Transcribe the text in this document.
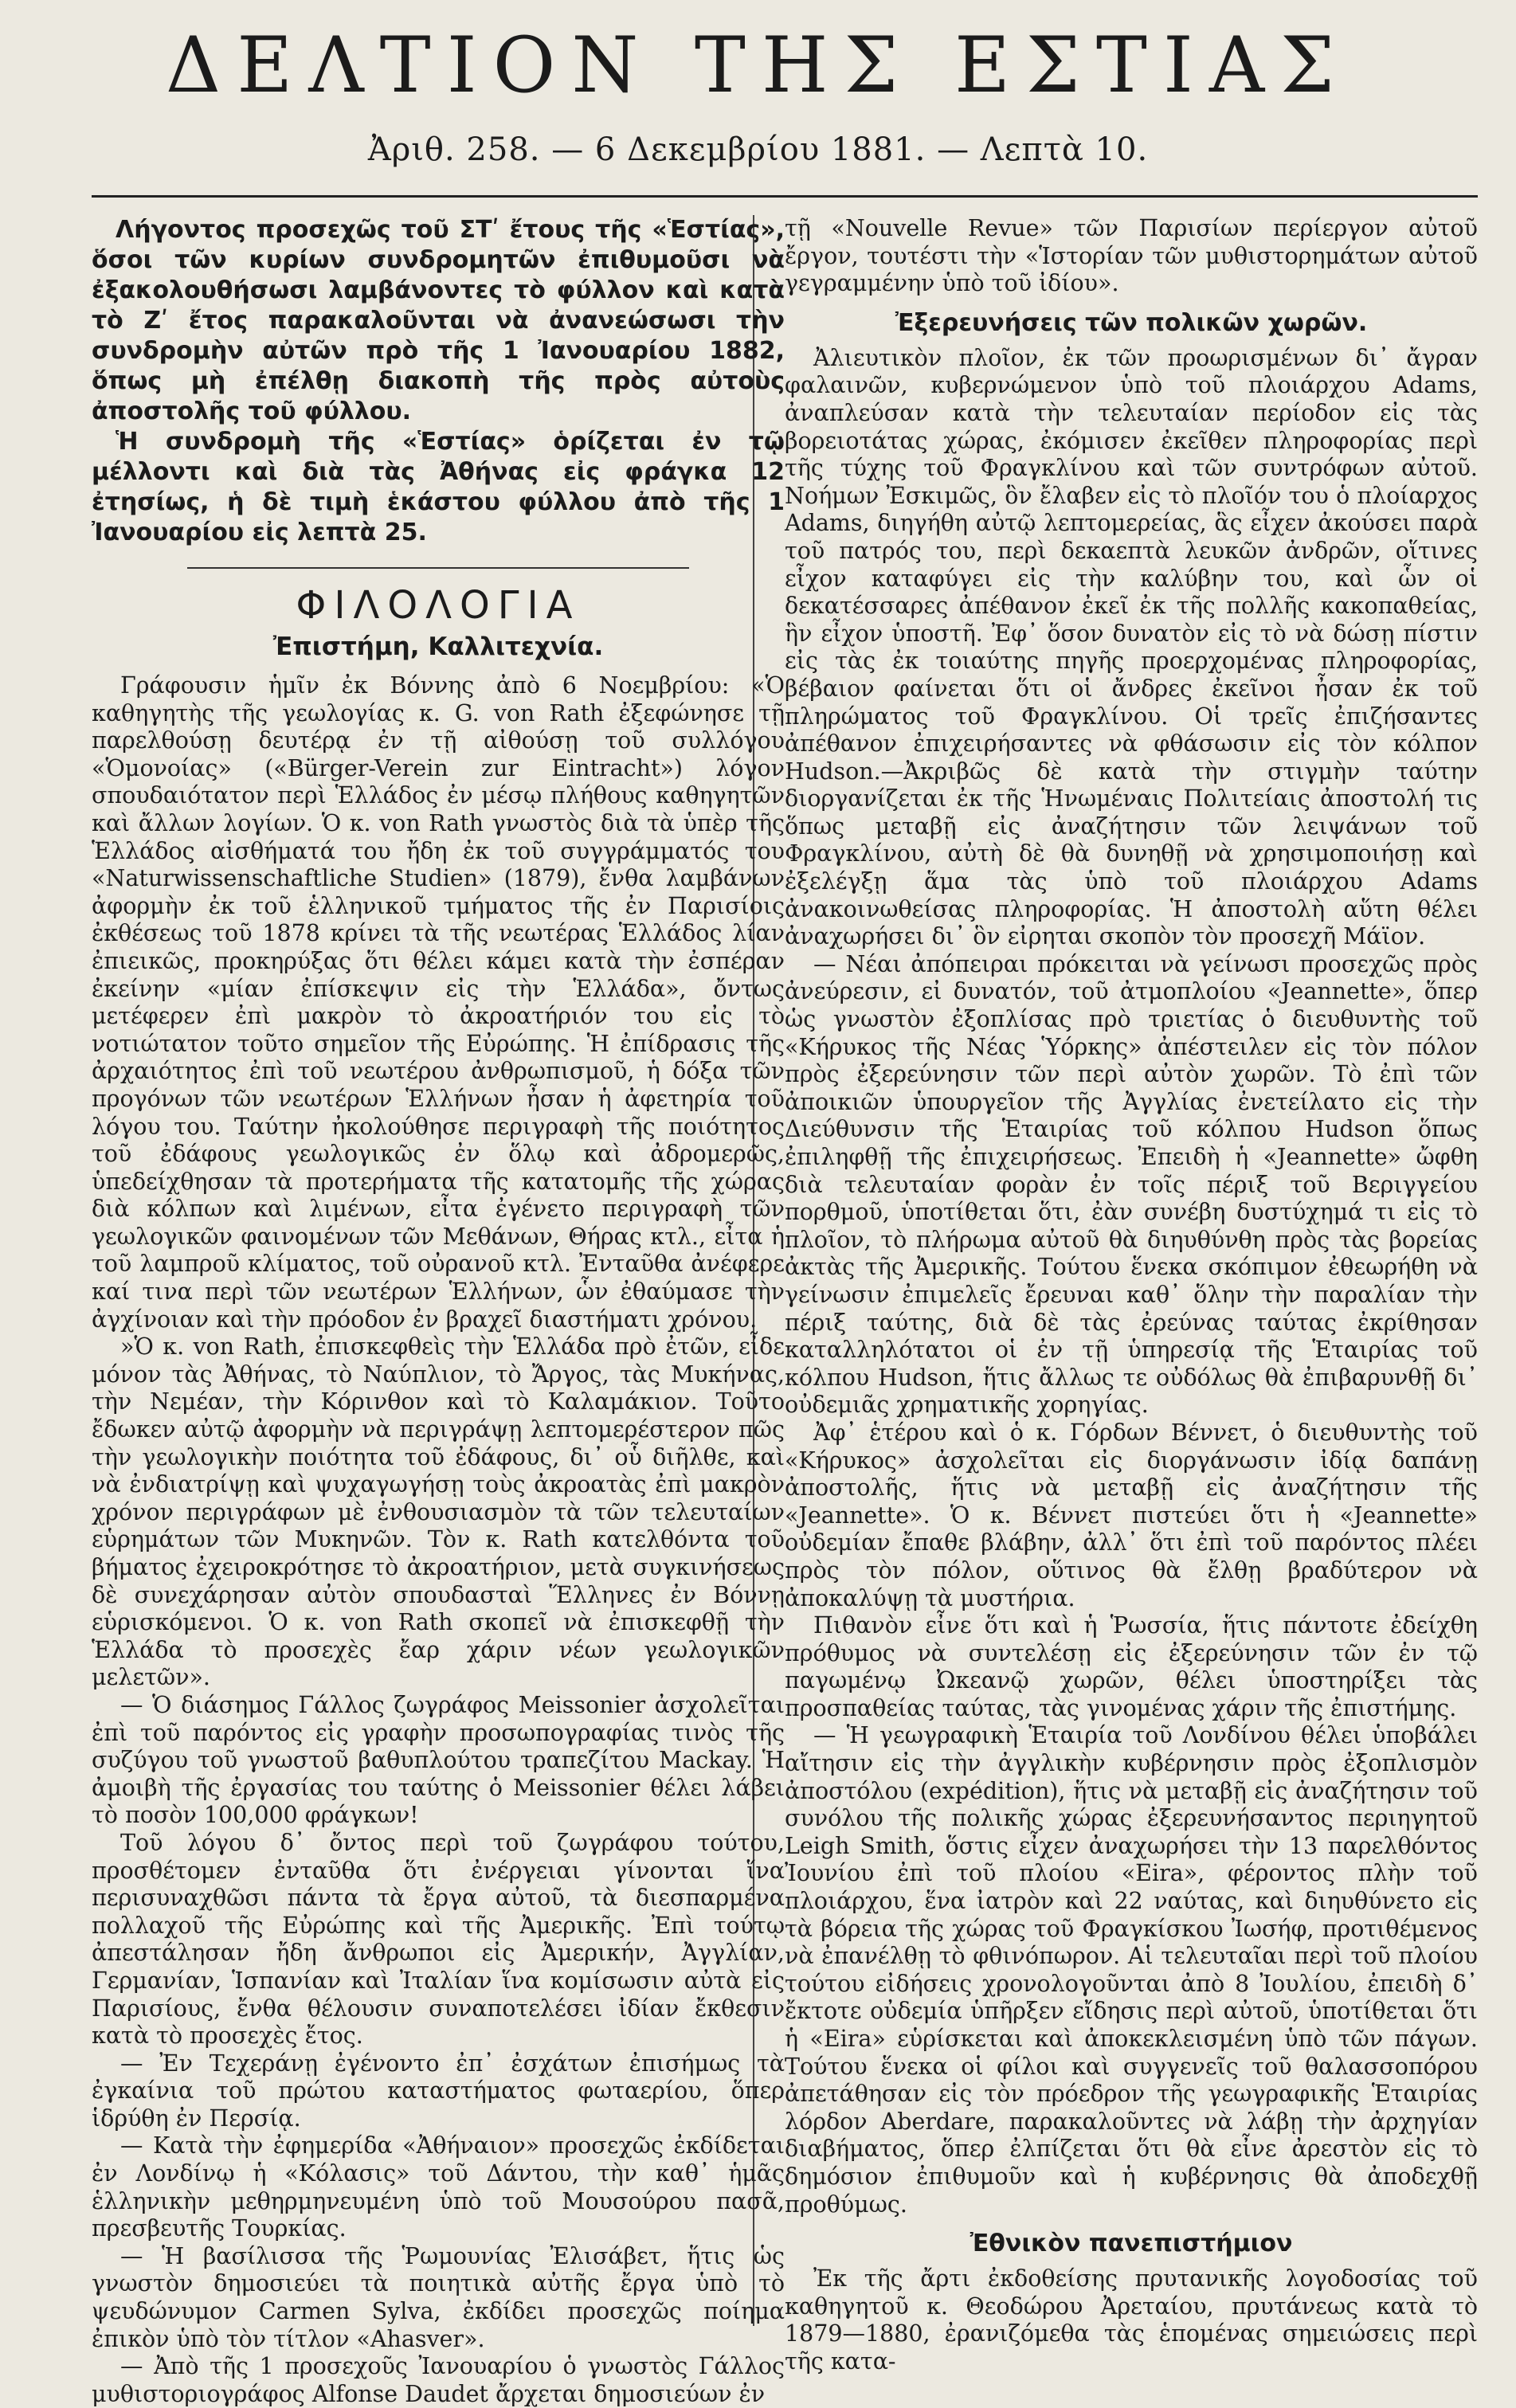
ΔΕΛΤΙΟΝ ΤΗΣ ΕΣΤΙΑΣ
Ἀριθ. 258. — 6 Δεκεμβρίου 1881. — Λεπτὰ 10.

Λήγοντος προσεχῶς τοῦ ΣΤʹ ἔτους τῆς «Ἑστίας», ὅσοι τῶν κυρίων συνδρομητῶν ἐπιθυμοῦσι νὰ ἐξακολουθήσωσι λαμβάνοντες τὸ φύλλον καὶ κατὰ τὸ Ζʹ ἔτος παρακαλοῦνται νὰ ἀνανεώσωσι τὴν συνδρομὴν αὐτῶν πρὸ τῆς 1 Ἰανουαρίου 1882, ὅπως μὴ ἐπέλθῃ διακοπὴ τῆς πρὸς αὐτοὺς ἀποστολῆς τοῦ φύλλου.

Ἡ συνδρομὴ τῆς «Ἑστίας» ὁρίζεται ἐν τῷ μέλλοντι καὶ διὰ τὰς Ἀθήνας εἰς φράγκα 12 ἐτησίως, ἡ δὲ τιμὴ ἑκάστου φύλλου ἀπὸ τῆς 1 Ἰανουαρίου εἰς λεπτὰ 25.

ΦΙΛΟΛΟΓΙΑ
Ἐπιστήμη, Καλλιτεχνία.

Γράφουσιν ἡμῖν ἐκ Βόννης ἀπὸ 6 Νοεμβρίου: «Ὁ καθηγητὴς τῆς γεωλογίας κ. G. von Rath ἐξεφώνησε τῇ παρελθούσῃ δευτέρᾳ ἐν τῇ αἰθούσῃ τοῦ συλλόγου «Ὁμονοίας» («Bürger-Verein zur Eintracht») λόγον σπουδαιότατον περὶ Ἑλλάδος ἐν μέσῳ πλήθους καθηγητῶν καὶ ἄλλων λογίων. Ὁ κ. von Rath γνωστὸς διὰ τὰ ὑπὲρ τῆς Ἑλλάδος αἰσθήματά του ἤδη ἐκ τοῦ συγγράμματός του «Naturwissenschaftliche Studien» (1879), ἔνθα λαμβάνων ἀφορμὴν ἐκ τοῦ ἑλληνικοῦ τμήματος τῆς ἐν Παρισίοις ἐκθέσεως τοῦ 1878 κρίνει τὰ τῆς νεωτέρας Ἑλλάδος λίαν ἐπιεικῶς, προκηρύξας ὅτι θέλει κάμει κατὰ τὴν ἐσπέραν ἐκείνην «μίαν ἐπίσκεψιν εἰς τὴν Ἑλλάδα», ὄντως μετέφερεν ἐπὶ μακρὸν τὸ ἀκροατήριόν του εἰς τὸ νοτιώτατον τοῦτο σημεῖον τῆς Εὐρώπης. Ἡ ἐπίδρασις τῆς ἀρχαιότητος ἐπὶ τοῦ νεωτέρου ἀνθρωπισμοῦ, ἡ δόξα τῶν προγόνων τῶν νεωτέρων Ἑλλήνων ἦσαν ἡ ἀφετηρία τοῦ λόγου του. Ταύτην ἠκολούθησε περιγραφὴ τῆς ποιότητος τοῦ ἐδάφους γεωλογικῶς ἐν ὅλῳ καὶ ἀδρομερῶς, ὑπεδείχθησαν τὰ προτερήματα τῆς κατατομῆς τῆς χώρας διὰ κόλπων καὶ λιμένων, εἶτα ἐγένετο περιγραφὴ τῶν γεωλογικῶν φαινομένων τῶν Μεθάνων, Θήρας κτλ., εἶτα ἡ τοῦ λαμπροῦ κλίματος, τοῦ οὐρανοῦ κτλ. Ἐνταῦθα ἀνέφερε καί τινα περὶ τῶν νεωτέρων Ἑλλήνων, ὧν ἐθαύμασε τὴν ἀγχίνοιαν καὶ τὴν πρόοδον ἐν βραχεῖ διαστήματι χρόνου.

»Ὁ κ. von Rath, ἐπισκεφθεὶς τὴν Ἑλλάδα πρὸ ἐτῶν, εἶδε μόνον τὰς Ἀθήνας, τὸ Ναύπλιον, τὸ Ἄργος, τὰς Μυκήνας, τὴν Νεμέαν, τὴν Κόρινθον καὶ τὸ Καλαμάκιον. Τοῦτο ἔδωκεν αὐτῷ ἀφορμὴν νὰ περιγράψῃ λεπτομερέστερον πῶς τὴν γεωλογικὴν ποιότητα τοῦ ἐδάφους, δι᾽ οὗ διῆλθε, καὶ νὰ ἐνδιατρίψῃ καὶ ψυχαγωγήσῃ τοὺς ἀκροατὰς ἐπὶ μακρὸν χρόνον περιγράφων μὲ ἐνθουσιασμὸν τὰ τῶν τελευταίων εὑρημάτων τῶν Μυκηνῶν. Τὸν κ. Rath κατελθόντα τοῦ βήματος ἐχειροκρότησε τὸ ἀκροατήριον, μετὰ συγκινήσεως δὲ συνεχάρησαν αὐτὸν σπουδασταὶ Ἕλληνες ἐν Βόννῃ εὑρισκόμενοι. Ὁ κ. von Rath σκοπεῖ νὰ ἐπισκεφθῇ τὴν Ἑλλάδα τὸ προσεχὲς ἔαρ χάριν νέων γεωλογικῶν μελετῶν».

— Ὁ διάσημος Γάλλος ζωγράφος Meissonier ἀσχολεῖται ἐπὶ τοῦ παρόντος εἰς γραφὴν προσωπογραφίας τινὸς τῆς συζύγου τοῦ γνωστοῦ βαθυπλούτου τραπεζίτου Mackay. Ἡ ἀμοιβὴ τῆς ἐργασίας του ταύτης ὁ Meissonier θέλει λάβει τὸ ποσὸν 100,000 φράγκων!

Τοῦ λόγου δ᾽ ὄντος περὶ τοῦ ζωγράφου τούτου, προσθέτομεν ἐνταῦθα ὅτι ἐνέργειαι γίνονται ἵνα περισυναχθῶσι πάντα τὰ ἔργα αὐτοῦ, τὰ διεσπαρμένα πολλαχοῦ τῆς Εὐρώπης καὶ τῆς Ἀμερικῆς. Ἐπὶ τούτῳ ἀπεστάλησαν ἤδη ἄνθρωποι εἰς Ἀμερικήν, Ἀγγλίαν, Γερμανίαν, Ἱσπανίαν καὶ Ἰταλίαν ἵνα κομίσωσιν αὐτὰ εἰς Παρισίους, ἔνθα θέλουσιν συναποτελέσει ἰδίαν ἔκθεσιν κατὰ τὸ προσεχὲς ἔτος.

— Ἐν Τεχεράνῃ ἐγένοντο ἐπ᾽ ἐσχάτων ἐπισήμως τὰ ἐγκαίνια τοῦ πρώτου καταστήματος φωταερίου, ὅπερ ἱδρύθη ἐν Περσίᾳ.

— Κατὰ τὴν ἐφημερίδα «Ἀθήναιον» προσεχῶς ἐκδίδεται ἐν Λονδίνῳ ἡ «Κόλασις» τοῦ Δάντου, τὴν καθ᾽ ἡμᾶς ἑλληνικὴν μεθηρμηνευμένη ὑπὸ τοῦ Μουσούρου πασᾶ, πρεσβευτῆς Τουρκίας.

— Ἡ βασίλισσα τῆς Ῥωμουνίας Ἐλισάβετ, ἥτις ὡς γνωστὸν δημοσιεύει τὰ ποιητικὰ αὐτῆς ἔργα ὑπὸ τὸ ψευδώνυμον Carmen Sylva, ἐκδίδει προσεχῶς ποίημα ἐπικὸν ὑπὸ τὸν τίτλον «Ahasver».

— Ἀπὸ τῆς 1 προσεχοῦς Ἰανουαρίου ὁ γνωστὸς Γάλλος μυθιστοριογράφος Alfonse Daudet ἄρχεται δημοσιεύων ἐν

τῇ «Nouvelle Revue» τῶν Παρισίων περίεργον αὐτοῦ ἔργον, τουτέστι τὴν «Ἱστορίαν τῶν μυθιστορημάτων αὐτοῦ γεγραμμένην ὑπὸ τοῦ ἰδίου».

Ἐξερευνήσεις τῶν πολικῶν χωρῶν.

Ἀλιευτικὸν πλοῖον, ἐκ τῶν προωρισμένων δι᾽ ἄγραν φαλαινῶν, κυβερνώμενον ὑπὸ τοῦ πλοιάρχου Adams, ἀναπλεύσαν κατὰ τὴν τελευταίαν περίοδον εἰς τὰς βορειοτάτας χώρας, ἐκόμισεν ἐκεῖθεν πληροφορίας περὶ τῆς τύχης τοῦ Φραγκλίνου καὶ τῶν συντρόφων αὐτοῦ. Νοήμων Ἐσκιμῶς, ὃν ἔλαβεν εἰς τὸ πλοῖόν του ὁ πλοίαρχος Adams, διηγήθη αὐτῷ λεπτομερείας, ἃς εἶχεν ἀκούσει παρὰ τοῦ πατρός του, περὶ δεκαεπτὰ λευκῶν ἀνδρῶν, οἵτινες εἶχον καταφύγει εἰς τὴν καλύβην του, καὶ ὧν οἱ δεκατέσσαρες ἀπέθανον ἐκεῖ ἐκ τῆς πολλῆς κακοπαθείας, ἣν εἶχον ὑποστῆ. Ἐφ᾽ ὅσον δυνατὸν εἰς τὸ νὰ δώσῃ πίστιν εἰς τὰς ἐκ τοιαύτης πηγῆς προερχομένας πληροφορίας, βέβαιον φαίνεται ὅτι οἱ ἄνδρες ἐκεῖνοι ἦσαν ἐκ τοῦ πληρώματος τοῦ Φραγκλίνου. Οἱ τρεῖς ἐπιζήσαντες ἀπέθανον ἐπιχειρήσαντες νὰ φθάσωσιν εἰς τὸν κόλπον Hudson.—Ἀκριβῶς δὲ κατὰ τὴν στιγμὴν ταύτην διοργανίζεται ἐκ τῆς Ἡνωμέναις Πολιτείαις ἀποστολή τις ὅπως μεταβῇ εἰς ἀναζήτησιν τῶν λειψάνων τοῦ Φραγκλίνου, αὐτὴ δὲ θὰ δυνηθῇ νὰ χρησιμοποιήσῃ καὶ ἐξελέγξῃ ἅμα τὰς ὑπὸ τοῦ πλοιάρχου Adams ἀνακοινωθείσας πληροφορίας. Ἡ ἀποστολὴ αὕτη θέλει ἀναχωρήσει δι᾽ ὃν εἰρηται σκοπὸν τὸν προσεχῆ Μάϊον.

— Νέαι ἀπόπειραι πρόκειται νὰ γείνωσι προσεχῶς πρὸς ἀνεύρεσιν, εἰ δυνατόν, τοῦ ἀτμοπλοίου «Jeannette», ὅπερ ὡς γνωστὸν ἐξοπλίσας πρὸ τριετίας ὁ διευθυντὴς τοῦ «Κήρυκος τῆς Νέας Ὑόρκης» ἀπέστειλεν εἰς τὸν πόλον πρὸς ἐξερεύνησιν τῶν περὶ αὐτὸν χωρῶν. Τὸ ἐπὶ τῶν ἀποικιῶν ὑπουργεῖον τῆς Ἀγγλίας ἐνετείλατο εἰς τὴν Διεύθυνσιν τῆς Ἑταιρίας τοῦ κόλπου Hudson ὅπως ἐπιληφθῇ τῆς ἐπιχειρήσεως. Ἐπειδὴ ἡ «Jeannette» ὤφθη διὰ τελευταίαν φορὰν ἐν τοῖς πέριξ τοῦ Βεριγγείου πορθμοῦ, ὑποτίθεται ὅτι, ἐὰν συνέβη δυστύχημά τι εἰς τὸ πλοῖον, τὸ πλήρωμα αὐτοῦ θὰ διηυθύνθη πρὸς τὰς βορείας ἀκτὰς τῆς Ἀμερικῆς. Τούτου ἕνεκα σκόπιμον ἐθεωρήθη νὰ γείνωσιν ἐπιμελεῖς ἔρευναι καθ᾽ ὅλην τὴν παραλίαν τὴν πέριξ ταύτης, διὰ δὲ τὰς ἐρεύνας ταύτας ἐκρίθησαν καταλληλότατοι οἱ ἐν τῇ ὑπηρεσίᾳ τῆς Ἑταιρίας τοῦ κόλπου Hudson, ἥτις ἄλλως τε οὐδόλως θὰ ἐπιβαρυνθῇ δι᾽ οὐδεμιᾶς χρηματικῆς χορηγίας.

Ἀφ᾽ ἑτέρου καὶ ὁ κ. Γόρδων Βέννετ, ὁ διευθυντὴς τοῦ «Κήρυκος» ἀσχολεῖται εἰς διοργάνωσιν ἰδίᾳ δαπάνῃ ἀποστολῆς, ἥτις νὰ μεταβῇ εἰς ἀναζήτησιν τῆς «Jeannette». Ὁ κ. Βέννετ πιστεύει ὅτι ἡ «Jeannette» οὐδεμίαν ἔπαθε βλάβην, ἀλλ᾽ ὅτι ἐπὶ τοῦ παρόντος πλέει πρὸς τὸν πόλον, οὕτινος θὰ ἔλθῃ βραδύτερον νὰ ἀποκαλύψῃ τὰ μυστήρια.

Πιθανὸν εἶνε ὅτι καὶ ἡ Ῥωσσία, ἥτις πάντοτε ἐδείχθη πρόθυμος νὰ συντελέσῃ εἰς ἐξερεύνησιν τῶν ἐν τῷ παγωμένῳ Ὠκεανῷ χωρῶν, θέλει ὑποστηρίξει τὰς προσπαθείας ταύτας, τὰς γινομένας χάριν τῆς ἐπιστήμης.

— Ἡ γεωγραφικὴ Ἑταιρία τοῦ Λονδίνου θέλει ὑποβάλει αἴτησιν εἰς τὴν ἀγγλικὴν κυβέρνησιν πρὸς ἐξοπλισμὸν ἀποστόλου (expédition), ἥτις νὰ μεταβῇ εἰς ἀναζήτησιν τοῦ συνόλου τῆς πολικῆς χώρας ἐξερευνήσαντος περιηγητοῦ Leigh Smith, ὅστις εἶχεν ἀναχωρήσει τὴν 13 παρελθόντος Ἰουνίου ἐπὶ τοῦ πλοίου «Eira», φέροντος πλὴν τοῦ πλοιάρχου, ἕνα ἰατρὸν καὶ 22 ναύτας, καὶ διηυθύνετο εἰς τὰ βόρεια τῆς χώρας τοῦ Φραγκίσκου Ἰωσήφ, προτιθέμενος νὰ ἐπανέλθῃ τὸ φθινόπωρον. Αἱ τελευταῖαι περὶ τοῦ πλοίου τούτου εἰδήσεις χρονολογοῦνται ἀπὸ 8 Ἰουλίου, ἐπειδὴ δ᾽ ἔκτοτε οὐδεμία ὑπῆρξεν εἴδησις περὶ αὐτοῦ, ὑποτίθεται ὅτι ἡ «Eira» εὑρίσκεται καὶ ἀποκεκλεισμένη ὑπὸ τῶν πάγων. Τούτου ἕνεκα οἱ φίλοι καὶ συγγενεῖς τοῦ θαλασσοπόρου ἀπετάθησαν εἰς τὸν πρόεδρον τῆς γεωγραφικῆς Ἑταιρίας λόρδον Aberdare, παρακαλοῦντες νὰ λάβῃ τὴν ἀρχηγίαν διαβήματος, ὅπερ ἐλπίζεται ὅτι θὰ εἶνε ἀρεστὸν εἰς τὸ δημόσιον ἐπιθυμοῦν καὶ ἡ κυβέρνησις θὰ ἀποδεχθῇ προθύμως.

Ἐθνικὸν πανεπιστήμιον

Ἐκ τῆς ἄρτι ἐκδοθείσης πρυτανικῆς λογοδοσίας τοῦ καθηγητοῦ κ. Θεοδώρου Ἀρεταίου, πρυτάνεως κατὰ τὸ 1879—1880, ἐρανιζόμεθα τὰς ἑπομένας σημειώσεις περὶ τῆς κατα-
